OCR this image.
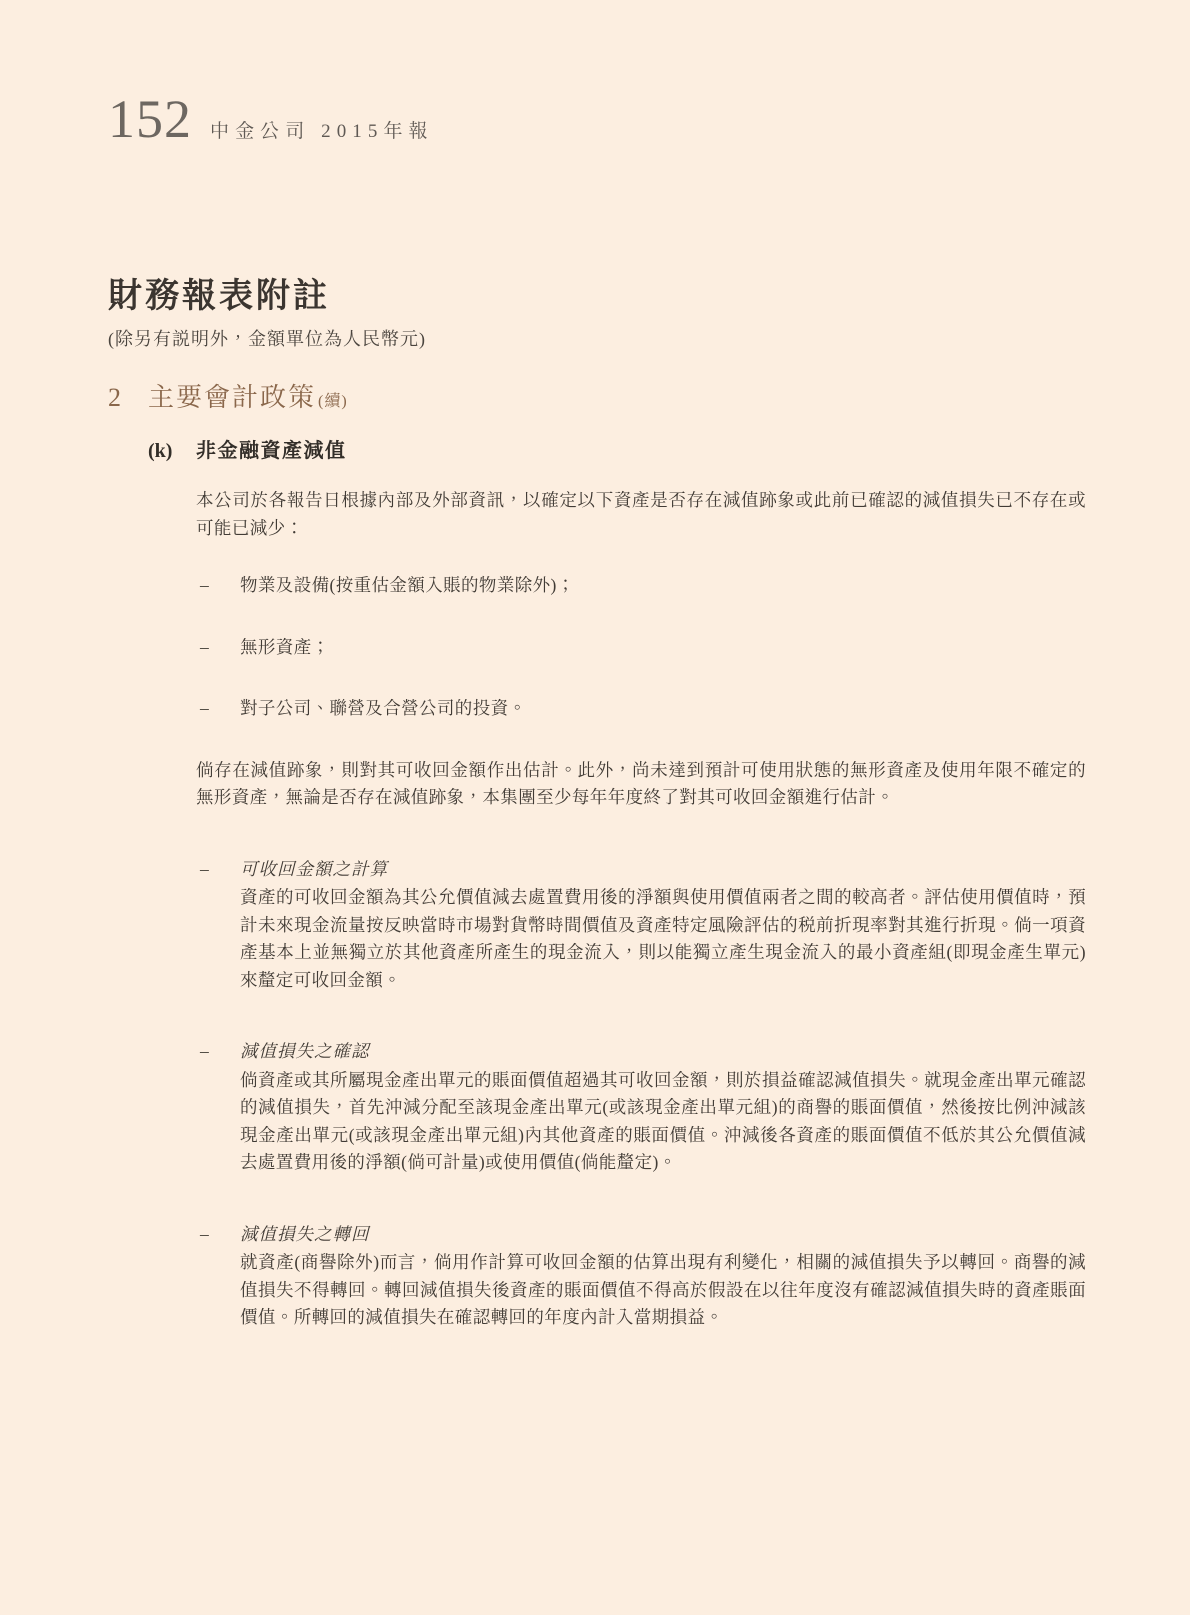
152 中金公司 2015年報
財務報表附註
(除另有説明外，金額單位為人民幣元)
2	主要會計政策 (續)
(k)	非金融資產減值

本公司於各報告日根據內部及外部資訊，以確定以下資產是否存在減值跡象或此前已確認的減值損失已不存在或可能已減少：

–	物業及設備(按重估金額入賬的物業除外)；
–	無形資產；
–	對子公司、聯營及合營公司的投資。

倘存在減值跡象，則對其可收回金額作出估計。此外，尚未達到預計可使用狀態的無形資產及使用年限不確定的無形資產，無論是否存在減值跡象，本集團至少每年年度終了對其可收回金額進行估計。

–	可收回金額之計算

資產的可收回金額為其公允價值減去處置費用後的淨額與使用價值兩者之間的較高者。評估使用價值時，預計未來現金流量按反映當時市場對貨幣時間價值及資產特定風險評估的税前折現率對其進行折現。倘一項資產基本上並無獨立於其他資產所產生的現金流入，則以能獨立產生現金流入的最小資產組(即現金產生單元)來釐定可收回金額。

–	減值損失之確認

倘資產或其所屬現金產出單元的賬面價值超過其可收回金額，則於損益確認減值損失。就現金產出單元確認的減值損失，首先沖減分配至該現金產出單元(或該現金產出單元組)的商譽的賬面價值，然後按比例沖減該現金產出單元(或該現金產出單元組)內其他資產的賬面價值。沖減後各資產的賬面價值不低於其公允價值減去處置費用後的淨額(倘可計量)或使用價值(倘能釐定)。

–	減值損失之轉回

就資產(商譽除外)而言，倘用作計算可收回金額的估算出現有利變化，相關的減值損失予以轉回。商譽的減值損失不得轉回。轉回減值損失後資產的賬面價值不得高於假設在以往年度沒有確認減值損失時的資產賬面價值。所轉回的減值損失在確認轉回的年度內計入當期損益。
